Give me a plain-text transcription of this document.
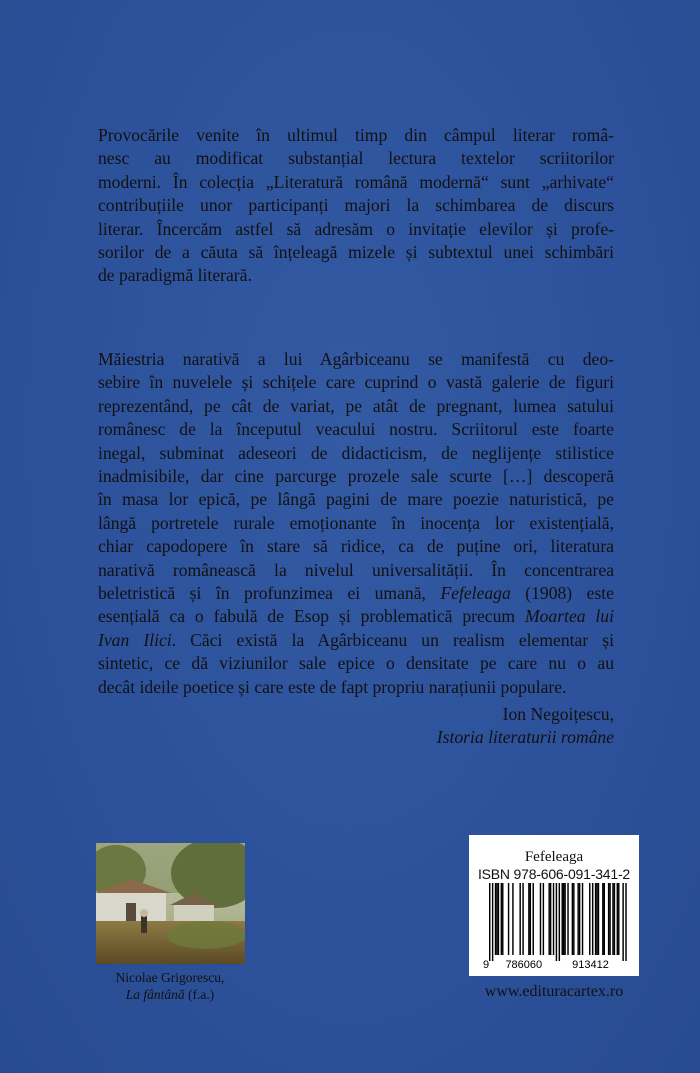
Provocările venite în ultimul timp din câmpul literar româ-
nesc au modificat substanțial lectura textelor scriitorilor
moderni. În colecția „Literatură română modernă“ sunt „arhivate“
contribuțiile unor participanți majori la schimbarea de discurs
literar. Încercăm astfel să adresăm o invitație elevilor și profe-
sorilor de a căuta să înțeleagă mizele și subtextul unei schimbări
de paradigmă literară.
Măiestria narativă a lui Agârbiceanu se manifestă cu deo-
sebire în nuvelele și schițele care cuprind o vastă galerie de figuri
reprezentând, pe cât de variat, pe atât de pregnant, lumea satului
românesc de la începutul veacului nostru. Scriitorul este foarte
inegal, subminat adeseori de didacticism, de neglijențe stilistice
inadmisibile, dar cine parcurge prozele sale scurte […] descoperă
în masa lor epică, pe lângă pagini de mare poezie naturistică, pe
lângă portretele rurale emoționante în inocența lor existențială,
chiar capodopere în stare să ridice, ca de puține ori, literatura
narativă românească la nivelul universalității. În concentrarea
beletristică și în profunzimea ei umană, Fefeleaga (1908) este
esențială ca o fabulă de Esop și problematică precum Moartea lui
Ivan Ilici. Căci există la Agârbiceanu un realism elementar și
sintetic, ce dă viziunilor sale epice o densitate pe care nu o au
decât ideile poetice și care este de fapt propriu narațiunii populare.
Ion Negoițescu,
Istoria literaturii române
Nicolae Grigorescu,
La fântână (f.a.)
Fefeleaga
ISBN 978-606-091-341-2
9 786060	913412
www.edituracartex.ro
